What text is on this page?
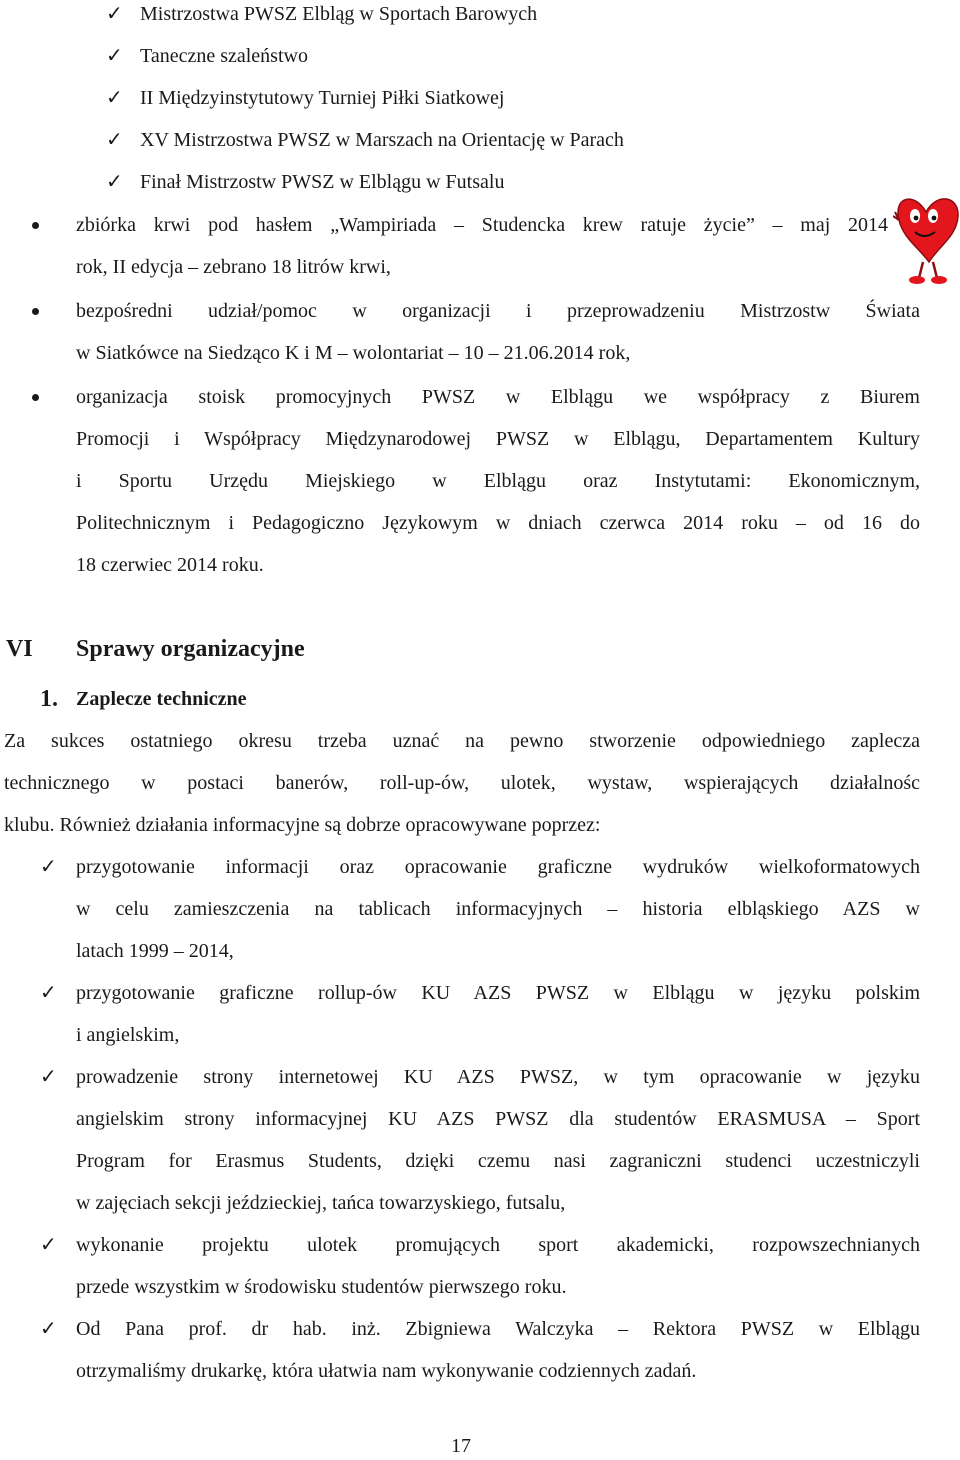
✓ Mistrzostwa PWSZ Elbląg w Sportach Barowych
✓ Taneczne szaleństwo
✓ II Międzyinstytutowy Turniej Piłki Siatkowej
✓ XV Mistrzostwa PWSZ w Marszach na Orientację w Parach
✓ Finał Mistrzostw PWSZ w Elblągu w Futsalu
zbiórka krwi pod hasłem „Wampiriada – Studencka krew ratuje życie” – maj 2014
rok, II edycja – zebrano 18 litrów krwi,
bezpośredni udział/pomoc w organizacji i przeprowadzeniu Mistrzostw Świata
w Siatkówce na Siedząco K i M – wolontariat – 10 – 21.06.2014 rok,
organizacja stoisk promocyjnych PWSZ w Elblągu we współpracy z Biurem
Promocji i Współpracy Międzynarodowej PWSZ w Elblągu, Departamentem Kultury
i Sportu Urzędu Miejskiego w Elblągu oraz Instytutami: Ekonomicznym,
Politechnicznym i Pedagogiczno Językowym w dniach czerwca 2014 roku – od 16 do
18 czerwiec 2014 roku.
VI Sprawy organizacyjne
1. Zaplecze techniczne
Za sukces ostatniego okresu trzeba uznać na pewno stworzenie odpowiedniego zaplecza
technicznego w postaci banerów, roll-up-ów, ulotek, wystaw, wspierających działalnośc
klubu. Również działania informacyjne są dobrze opracowywane poprzez:
✓ przygotowanie informacji oraz opracowanie graficzne wydruków wielkoformatowych
w celu zamieszczenia na tablicach informacyjnych – historia elbląskiego AZS w
latach 1999 – 2014,
✓ przygotowanie graficzne rollup-ów KU AZS PWSZ w Elblągu w języku polskim
i angielskim,
✓ prowadzenie strony internetowej KU AZS PWSZ, w tym opracowanie w języku
angielskim strony informacyjnej KU AZS PWSZ dla studentów ERASMUSA – Sport
Program for Erasmus Students, dzięki czemu nasi zagraniczni studenci uczestniczyli
w zajęciach sekcji jeździeckiej, tańca towarzyskiego, futsalu,
✓ wykonanie projektu ulotek promujących sport akademicki, rozpowszechnianych
przede wszystkim w środowisku studentów pierwszego roku.
✓ Od Pana prof. dr hab. inż. Zbigniewa Walczyka – Rektora PWSZ w Elblągu
otrzymaliśmy drukarkę, która ułatwia nam wykonywanie codziennych zadań.
17
